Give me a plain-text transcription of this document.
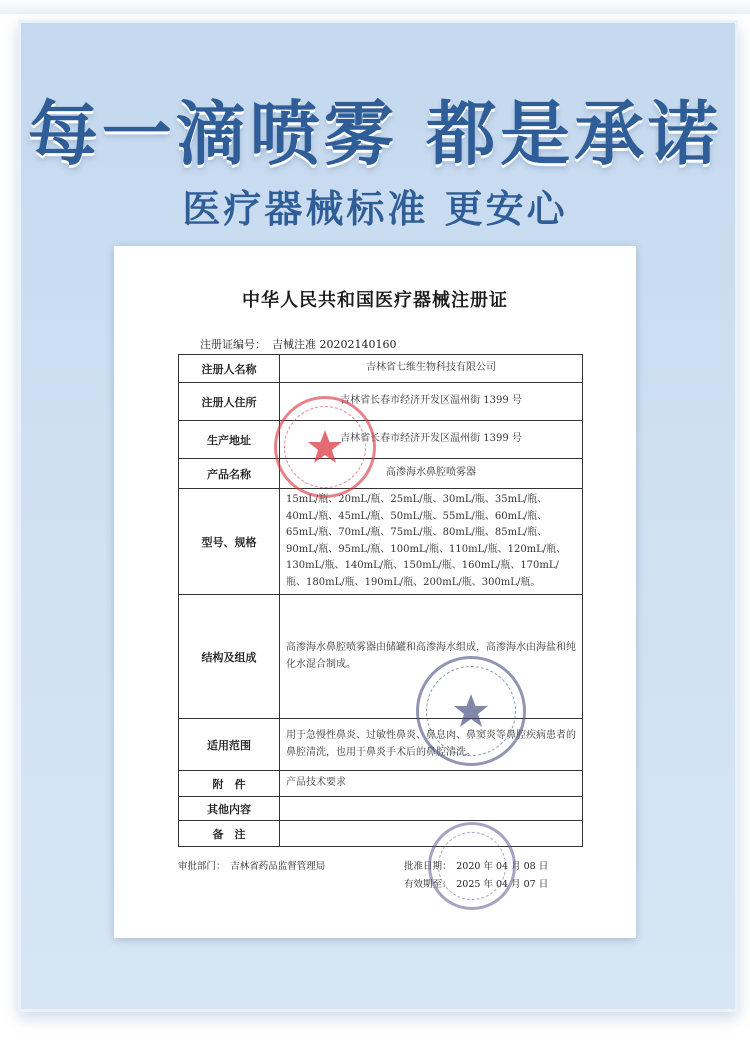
每一滴喷雾 都是承诺
医疗器械标准 更安心
中华人民共和国医疗器械注册证
注册证编号： 吉械注准 20202140160
注册人名称	吉林省七维生物科技有限公司
注册人住所	吉林省长春市经济开发区温州街 1399 号
生产地址	吉林省长春市经济开发区温州街 1399 号
产品名称	高渗海水鼻腔喷雾器
型号、规格	15mL/瓶、20mL/瓶、25mL/瓶、30mL/瓶、35mL/瓶、40mL/瓶、45mL/瓶、50mL/瓶、55mL/瓶、60mL/瓶、65mL/瓶、70mL/瓶、75mL/瓶、80mL/瓶、85mL/瓶、90mL/瓶、95mL/瓶、100mL/瓶、110mL/瓶、120mL/瓶、130mL/瓶、140mL/瓶、150mL/瓶、160mL/瓶、170mL/瓶、180mL/瓶、190mL/瓶、200mL/瓶、300mL/瓶。
结构及组成	高渗海水鼻腔喷雾器由储罐和高渗海水组成，高渗海水由海盐和纯化水混合制成。
适用范围	用于急慢性鼻炎、过敏性鼻炎、鼻息肉、鼻窦炎等鼻腔疾病患者的鼻腔清洗，也用于鼻炎手术后的鼻腔清洗。
附　件	产品技术要求
其他内容	
备　注	
审批部门：　吉林省药品监督管理局	批准日期：　2020 年 04 月 08 日
有效期至：　2025 年 04 月 07 日
